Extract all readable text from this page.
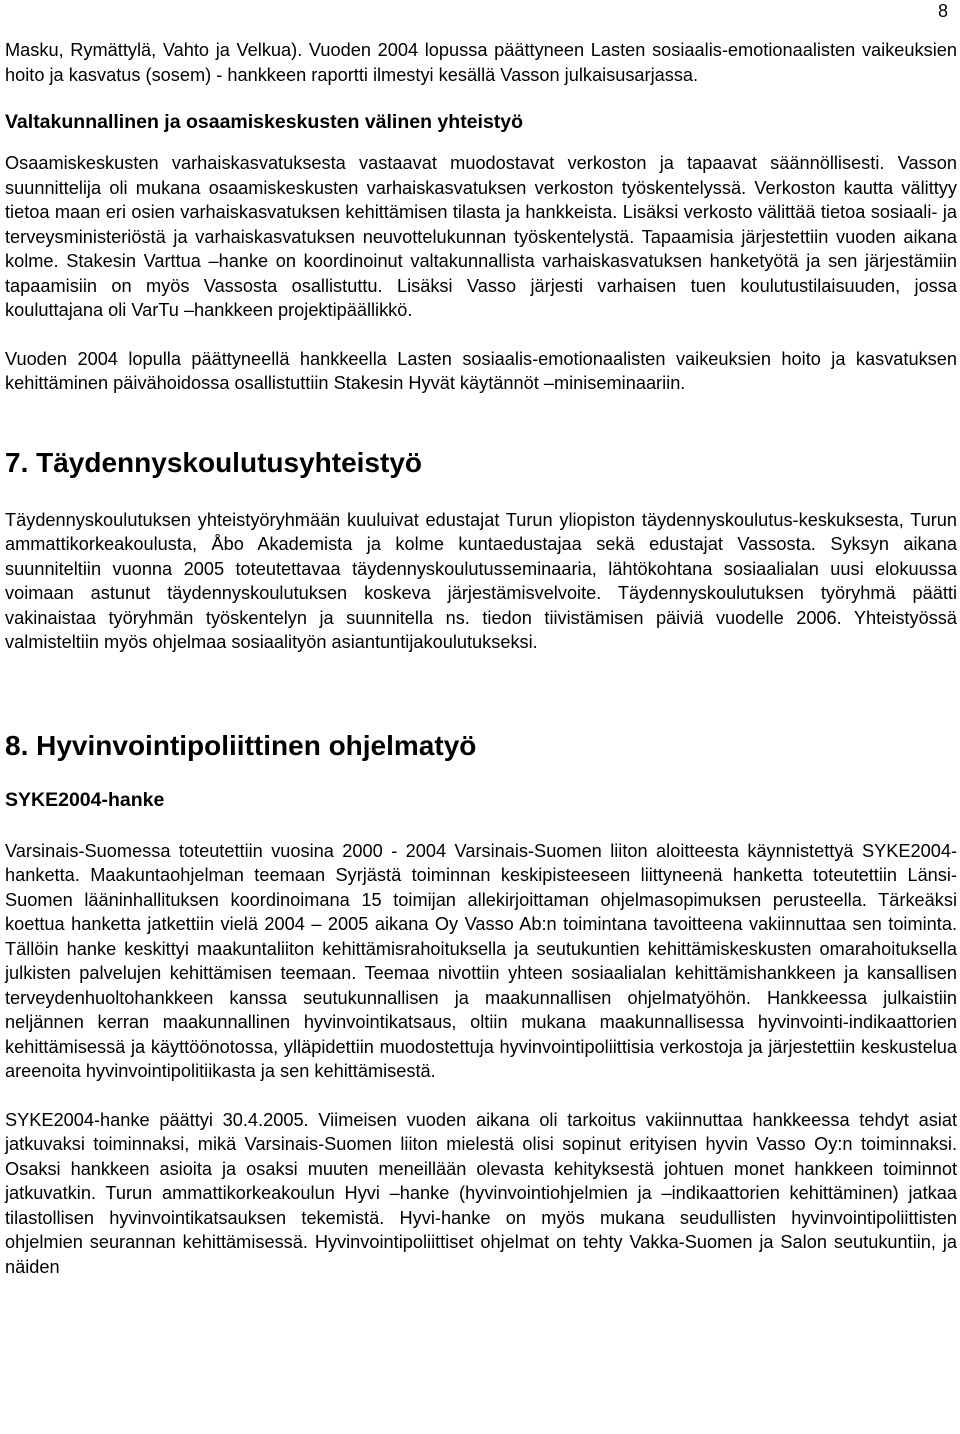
8

Masku, Rymättylä, Vahto ja Velkua). Vuoden 2004 lopussa päättyneen Lasten sosiaalis-emotionaalisten vaikeuksien hoito ja kasvatus (sosem) - hankkeen raportti ilmestyi kesällä Vasson julkaisusarjassa.

Valtakunnallinen ja osaamiskeskusten välinen yhteistyö

Osaamiskeskusten varhaiskasvatuksesta vastaavat muodostavat verkoston ja tapaavat säännöllisesti. Vasson suunnittelija oli mukana osaamiskeskusten varhaiskasvatuksen verkoston työskentelyssä. Verkoston kautta välittyy tietoa maan eri osien varhaiskasvatuksen kehittämisen tilasta ja hankkeista. Lisäksi verkosto välittää tietoa sosiaali- ja terveysministeriöstä ja varhaiskasvatuksen neuvottelukunnan työskentelystä. Tapaamisia järjestettiin vuoden aikana kolme. Stakesin Varttua –hanke on koordinoinut valtakunnallista varhaiskasvatuksen hanketyötä ja sen järjestämiin tapaamisiin on myös Vassosta osallistuttu. Lisäksi Vasso järjesti varhaisen tuen koulutustilaisuuden, jossa kouluttajana oli VarTu –hankkeen projektipäällikkö.

Vuoden 2004 lopulla päättyneellä hankkeella Lasten sosiaalis-emotionaalisten vaikeuksien hoito ja kasvatuksen kehittäminen päivähoidossa osallistuttiin Stakesin Hyvät käytännöt –miniseminaariin.

7. Täydennyskoulutusyhteistyö

Täydennyskoulutuksen yhteistyöryhmään kuuluivat edustajat Turun yliopiston täydennyskoulutus-keskuksesta, Turun ammattikorkeakoulusta, Åbo Akademista ja kolme kuntaedustajaa sekä edustajat Vassosta. Syksyn aikana suunniteltiin vuonna 2005 toteutettavaa täydennyskoulutusseminaaria, lähtökohtana sosiaalialan uusi elokuussa voimaan astunut täydennyskoulutuksen koskeva järjestämisvelvoite. Täydennyskoulutuksen työryhmä päätti vakinaistaa työryhmän työskentelyn ja suunnitella ns. tiedon tiivistämisen päiviä vuodelle 2006. Yhteistyössä valmisteltiin myös ohjelmaa sosiaalityön asiantuntijakoulutukseksi.

8. Hyvinvointipoliittinen ohjelmatyö
SYKE2004-hanke

Varsinais-Suomessa toteutettiin vuosina 2000 - 2004 Varsinais-Suomen liiton aloitteesta käynnistettyä SYKE2004-hanketta. Maakuntaohjelman teemaan Syrjästä toiminnan keskipisteeseen liittyneenä hanketta toteutettiin Länsi-Suomen lääninhallituksen koordinoimana 15 toimijan allekirjoittaman ohjelmasopimuksen perusteella. Tärkeäksi koettua hanketta jatkettiin vielä 2004 – 2005 aikana Oy Vasso Ab:n toimintana tavoitteena vakiinnuttaa sen toiminta. Tällöin hanke keskittyi maakuntaliiton kehittämisrahoituksella ja seutukuntien kehittämiskeskusten omarahoituksella julkisten palvelujen kehittämisen teemaan. Teemaa nivottiin yhteen sosiaalialan kehittämishankkeen ja kansallisen terveydenhuoltohankkeen kanssa seutukunnallisen ja maakunnallisen ohjelmatyöhön. Hankkeessa julkaistiin neljännen kerran maakunnallinen hyvinvointikatsaus, oltiin mukana maakunnallisessa hyvinvointi-indikaattorien kehittämisessä ja käyttöönotossa, ylläpidettiin muodostettuja hyvinvointipoliittisia verkostoja ja järjestettiin keskustelua areenoita hyvinvointipolitiikasta ja sen kehittämisestä.

SYKE2004-hanke päättyi 30.4.2005. Viimeisen vuoden aikana oli tarkoitus vakiinnuttaa hankkeessa tehdyt asiat jatkuvaksi toiminnaksi, mikä Varsinais-Suomen liiton mielestä olisi sopinut erityisen hyvin Vasso Oy:n toiminnaksi. Osaksi hankkeen asioita ja osaksi muuten meneillään olevasta kehityksestä johtuen monet hankkeen toiminnot jatkuvatkin. Turun ammattikorkeakoulun Hyvi –hanke (hyvinvointiohjelmien ja –indikaattorien kehittäminen) jatkaa tilastollisen hyvinvointikatsauksen tekemistä. Hyvi-hanke on myös mukana seudullisten hyvinvointipoliittisten ohjelmien seurannan kehittämisessä. Hyvinvointipoliittiset ohjelmat on tehty Vakka-Suomen ja Salon seutukuntiin, ja näiden
